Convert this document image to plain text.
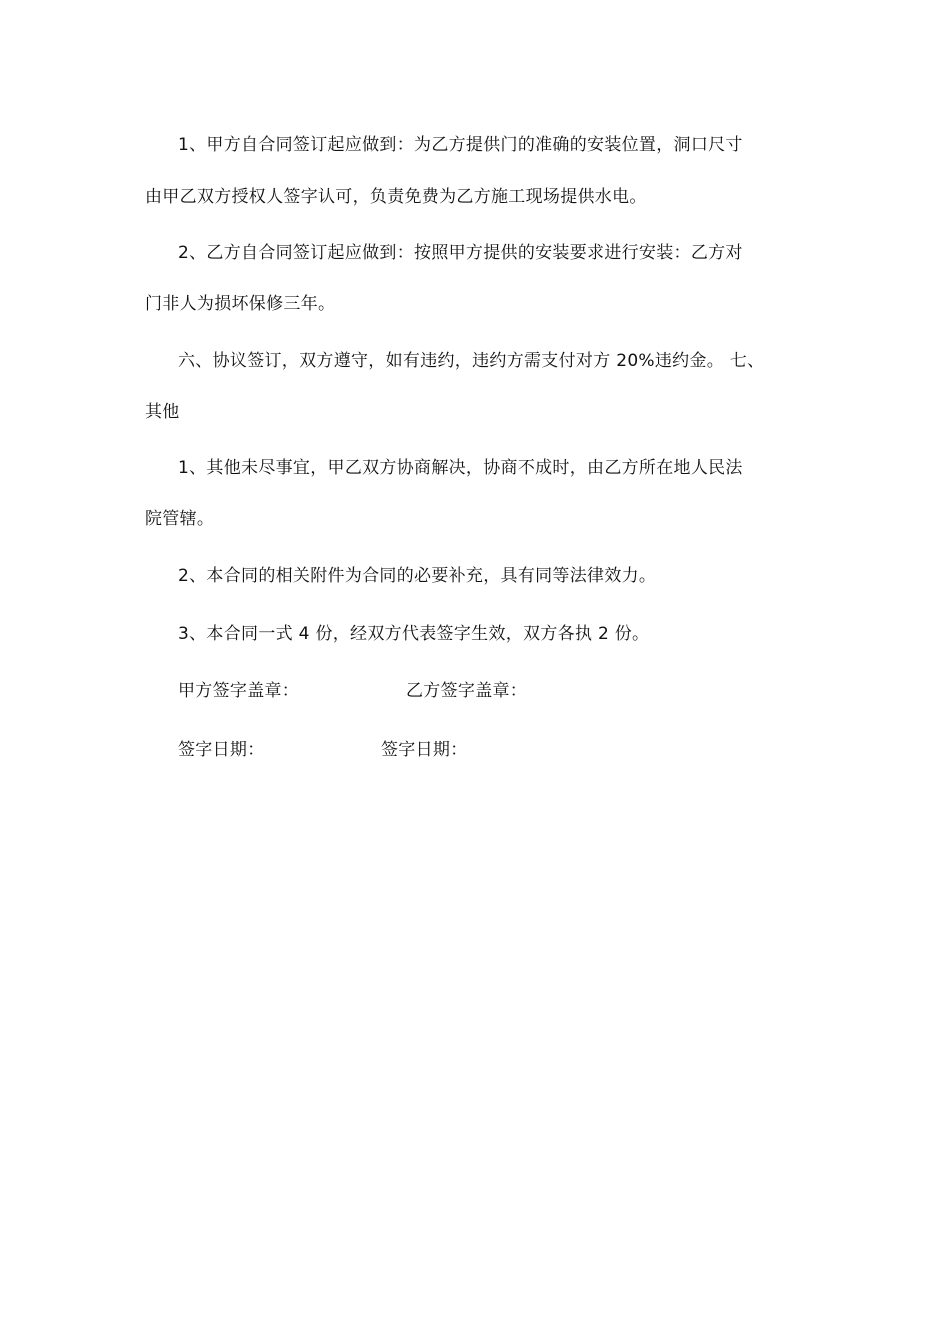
1、甲方自合同签订起应做到：为乙方提供门的准确的安装位置，洞口尺寸
由甲乙双方授权人签字认可，负责免费为乙方施工现场提供水电。
2、乙方自合同签订起应做到：按照甲方提供的安装要求进行安装：乙方对
门非人为损坏保修三年。
六、协议签订，双方遵守，如有违约，违约方需支付对方 20%违约金。 七、
其他
1、其他未尽事宜，甲乙双方协商解决，协商不成时，由乙方所在地人民法
院管辖。
2、本合同的相关附件为合同的必要补充，具有同等法律效力。
3、本合同一式 4 份，经双方代表签字生效，双方各执 2 份。
甲方签字盖章：	乙方签字盖章：
签字日期：	签字日期：
